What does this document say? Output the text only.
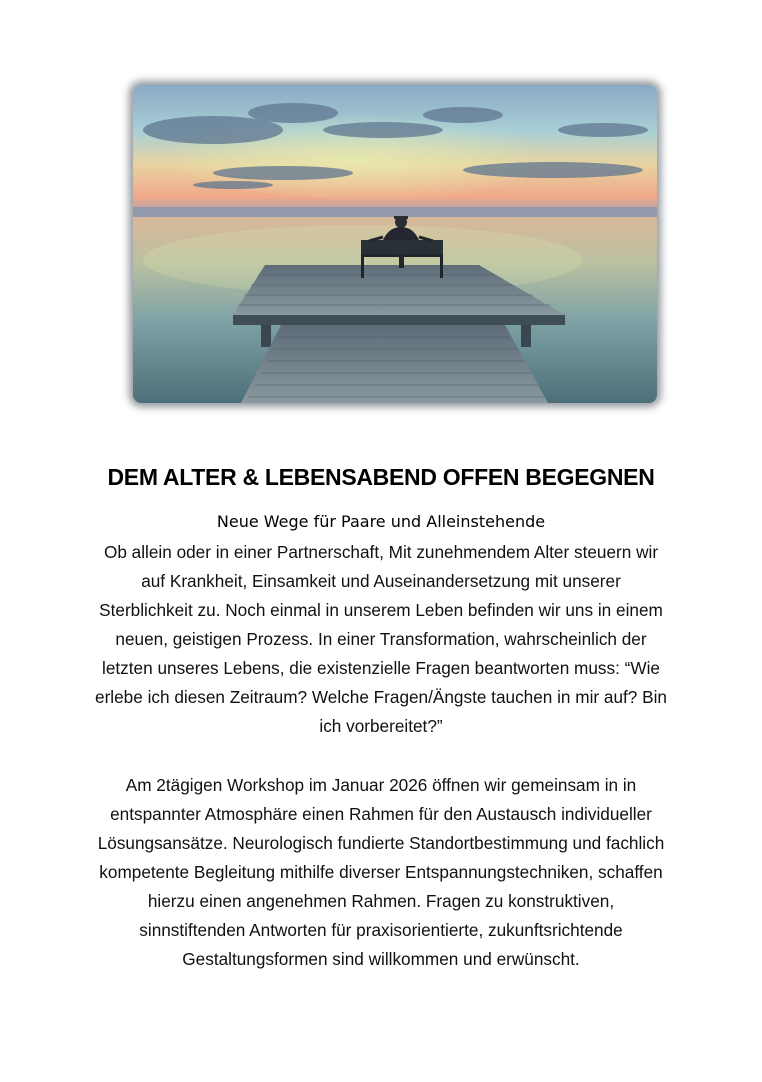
DEM ALTER & LEBENSABEND OFFEN BEGEGNEN
Neue Wege für Paare und Alleinstehende
Ob allein oder in einer Partnerschaft, Mit zunehmendem Alter steuern wir
auf Krankheit, Einsamkeit und Auseinandersetzung mit unserer
Sterblichkeit zu. Noch einmal in unserem Leben befinden wir uns in einem
neuen, geistigen Prozess. In einer Transformation, wahrscheinlich der
letzten unseres Lebens, die existenzielle Fragen beantworten muss: “Wie
erlebe ich diesen Zeitraum? Welche Fragen/Ängste tauchen in mir auf? Bin
ich vorbereitet?”
Am 2tägigen Workshop im Januar 2026 öffnen wir gemeinsam in in
entspannter Atmosphäre einen Rahmen für den Austausch individueller
Lösungsansätze. Neurologisch fundierte Standortbestimmung und fachlich
kompetente Begleitung mithilfe diverser Entspannungstechniken, schaffen
hierzu einen angenehmen Rahmen. Fragen zu konstruktiven,
sinnstiftenden Antworten für praxisorientierte, zukunftsrichtende
Gestaltungsformen sind willkommen und erwünscht.
